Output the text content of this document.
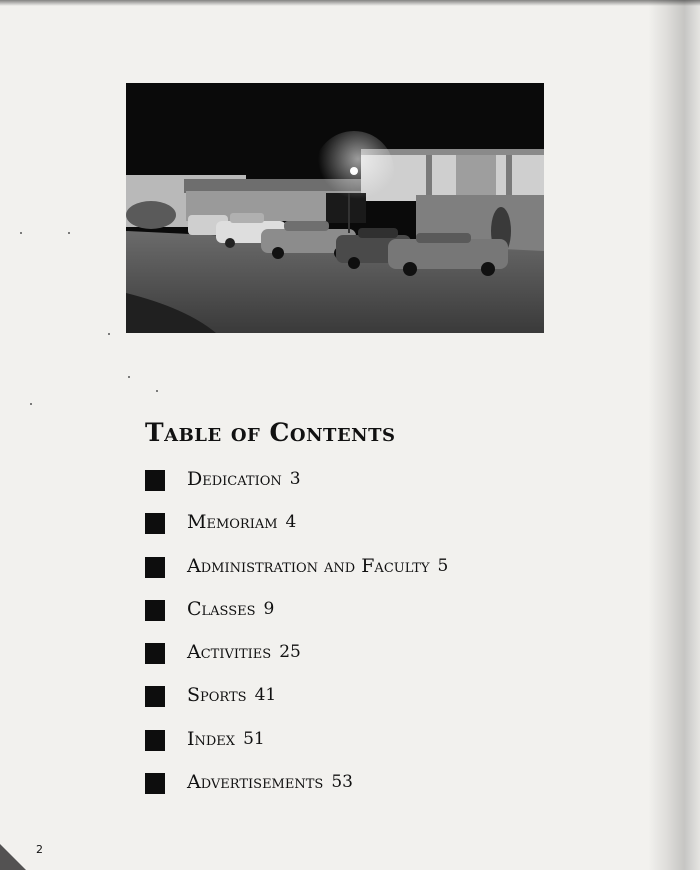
Table of Contents
Dedication 3
Memoriam 4
Administration and Faculty 5
Classes 9
Activities 25
Sports 41
Index 51
Advertisements 53
2
